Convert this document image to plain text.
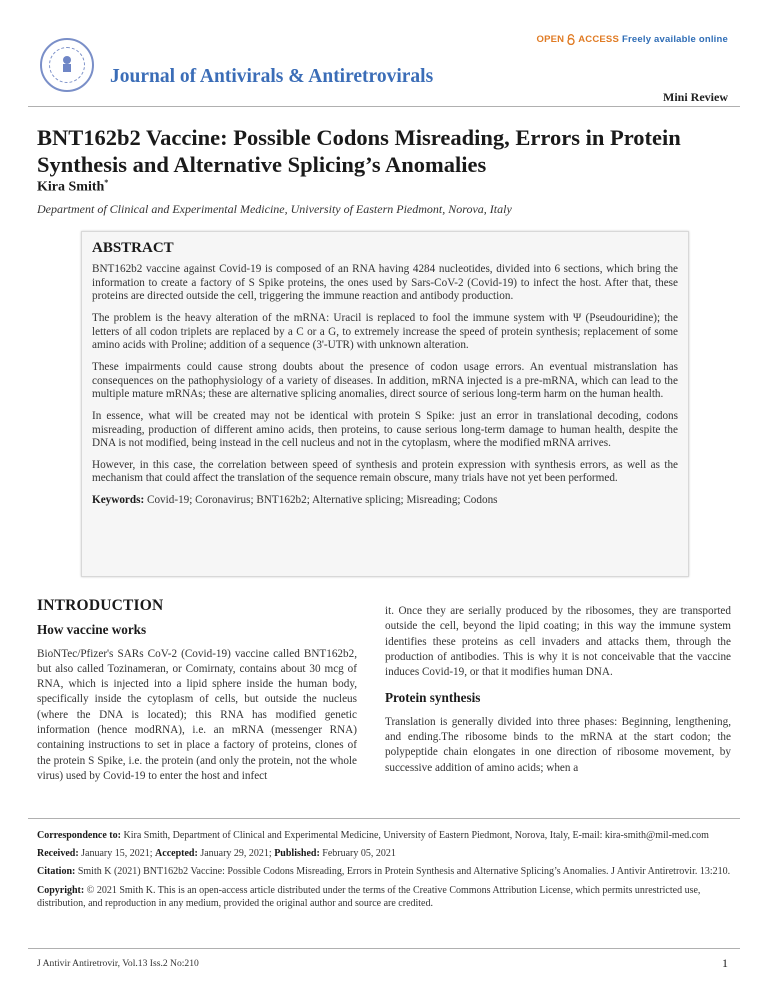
OPEN ACCESS Freely available online
Journal of Antivirals & Antiretrovirals
Mini Review
BNT162b2 Vaccine: Possible Codons Misreading, Errors in Protein Synthesis and Alternative Splicing’s Anomalies
Kira Smith*
Department of Clinical and Experimental Medicine, University of Eastern Piedmont, Norova, Italy

ABSTRACT

BNT162b2 vaccine against Covid-19 is composed of an RNA having 4284 nucleotides, divided into 6 sections, which bring the information to create a factory of S Spike proteins, the ones used by Sars-CoV-2 (Covid-19) to infect the host. After that, these proteins are directed outside the cell, triggering the immune reaction and antibody production.

The problem is the heavy alteration of the mRNA: Uracil is replaced to fool the immune system with Ψ (Pseudouridine); the letters of all codon triplets are replaced by a C or a G, to extremely increase the speed of protein synthesis; replacement of some amino acids with Proline; addition of a sequence (3'-UTR) with unknown alteration.

These impairments could cause strong doubts about the presence of codon usage errors. An eventual mistranslation has consequences on the pathophysiology of a variety of diseases. In addition, mRNA injected is a pre-mRNA, which can lead to the multiple mature mRNAs; these are alternative splicing anomalies, direct source of serious long-term harm on the human health.

In essence, what will be created may not be identical with protein S Spike: just an error in translational decoding, codons misreading, production of different amino acids, then proteins, to cause serious long-term damage to human health, despite the DNA is not modified, being instead in the cell nucleus and not in the cytoplasm, where the modified mRNA arrives.

However, in this case, the correlation between speed of synthesis and protein expression with synthesis errors, as well as the mechanism that could affect the translation of the sequence remain obscure, many trials have not yet been performed.

Keywords: Covid-19; Coronavirus; BNT162b2; Alternative splicing; Misreading; Codons

INTRODUCTION

How vaccine works

BioNTec/Pfizer's SARs CoV-2 (Covid-19) vaccine called BNT162b2, but also called Tozinameran, or Comirnaty, contains about 30 mcg of RNA, which is injected into a lipid sphere inside the human body, specifically inside the cytoplasm of cells, but outside the nucleus (where the DNA is located); this RNA has modified genetic information (hence modRNA), i.e. an mRNA (messenger RNA) containing instructions to set in place a factory of proteins, clones of the protein S Spike, i.e. the protein (and only the protein, not the whole virus) used by Covid-19 to enter the host and infect

it. Once they are serially produced by the ribosomes, they are transported outside the cell, beyond the lipid coating; in this way the immune system identifies these proteins as cell invaders and attacks them, through the production of antibodies. This is why it is not conceivable that the vaccine induces Covid-19, or that it modifies human DNA.

Protein synthesis

Translation is generally divided into three phases: Beginning, lengthening, and ending.The ribosome binds to the mRNA at the start codon; the polypeptide chain elongates in one direction of ribosome movement, by successive addition of amino acids; when a

Correspondence to: Kira Smith, Department of Clinical and Experimental Medicine, University of Eastern Piedmont, Norova, Italy, E-mail: kira-smith@mil-med.com

Received: January 15, 2021; Accepted: January 29, 2021; Published: February 05, 2021

Citation: Smith K (2021) BNT162b2 Vaccine: Possible Codons Misreading, Errors in Protein Synthesis and Alternative Splicing’s Anomalies. J Antivir Antiretrovir. 13:210.

Copyright: © 2021 Smith K. This is an open-access article distributed under the terms of the Creative Commons Attribution License, which permits unrestricted use, distribution, and reproduction in any medium, provided the original author and source are credited.

J Antivir Antiretrovir, Vol.13 Iss.2 No:210	1
